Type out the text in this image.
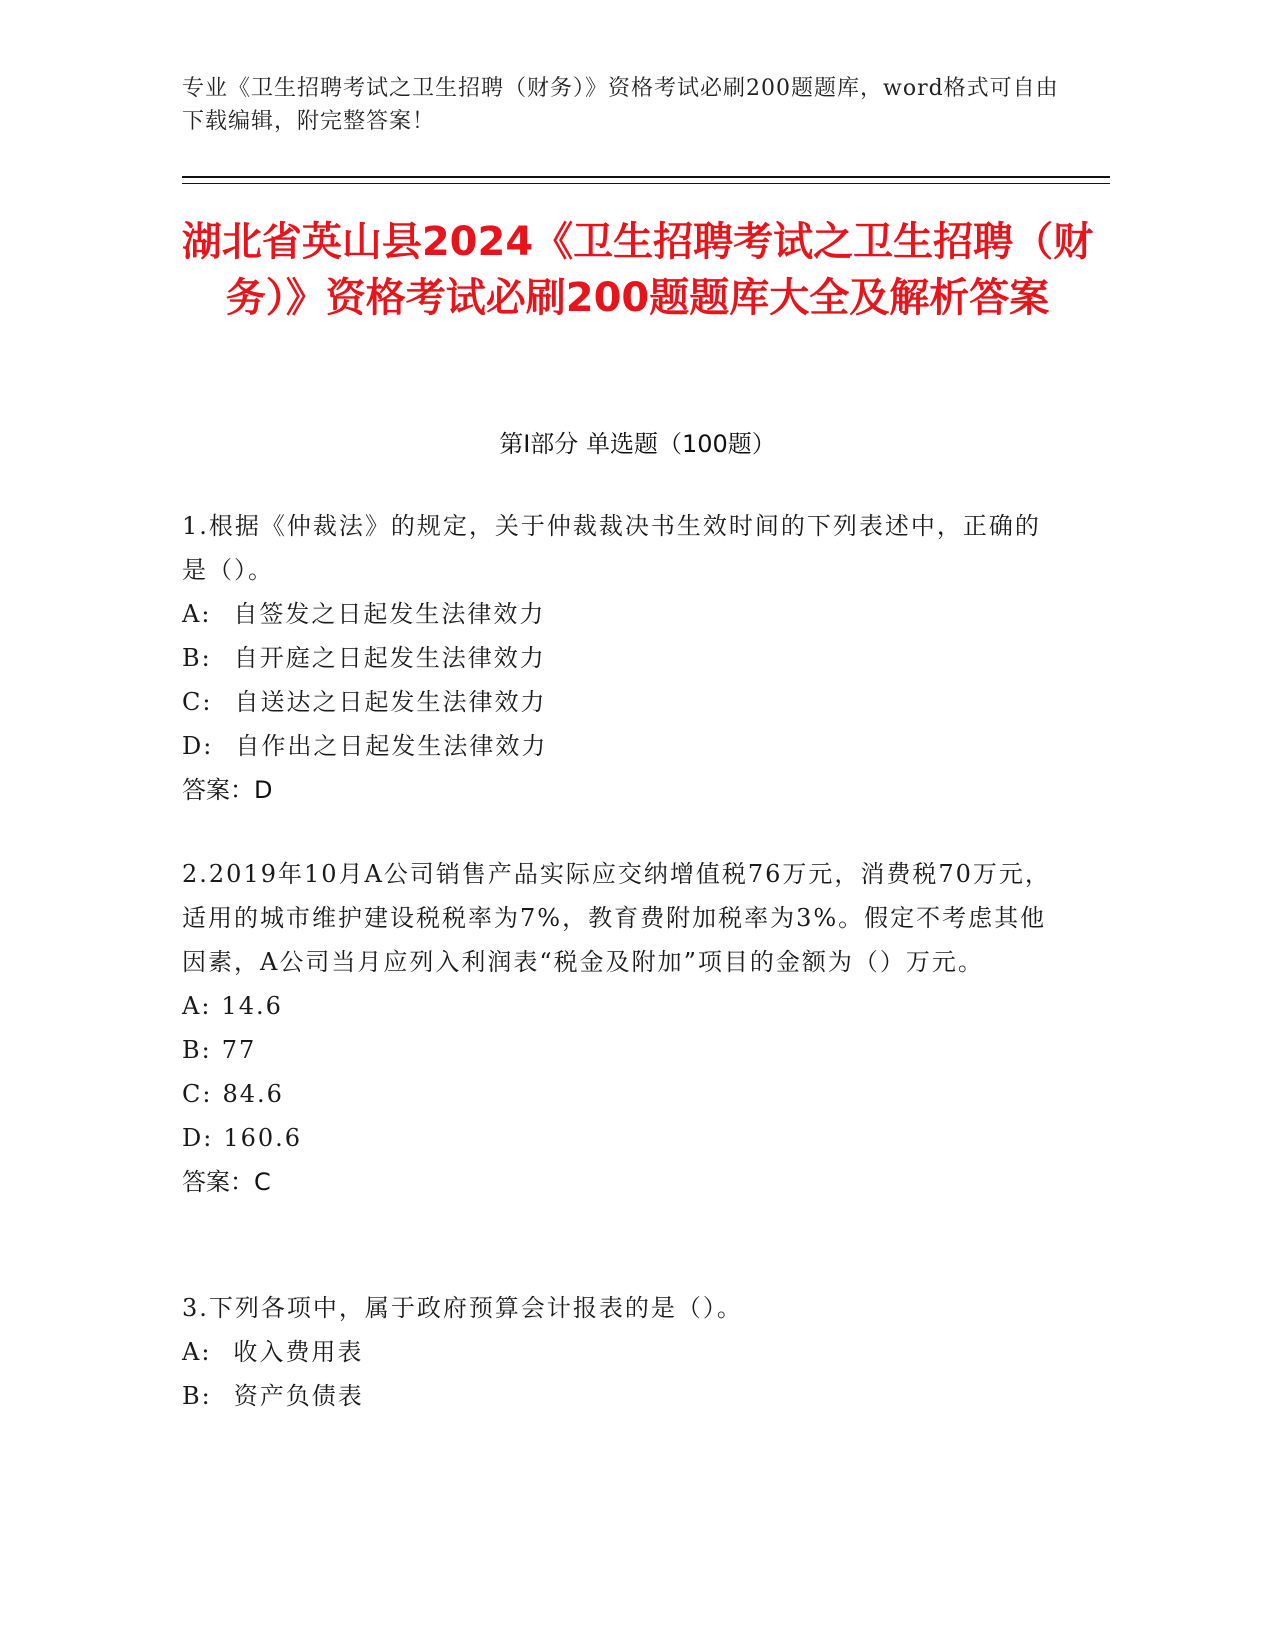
专业《卫生招聘考试之卫生招聘（财务）》资格考试必刷200题题库，word格式可自由下载编辑，附完整答案！
湖北省英山县2024《卫生招聘考试之卫生招聘（财务）》资格考试必刷200题题库大全及解析答案
第Ⅰ部分 单选题（100题）
1.根据《仲裁法》的规定，关于仲裁裁决书生效时间的下列表述中，正确的是（）。
A: 自签发之日起发生法律效力
B: 自开庭之日起发生法律效力
C: 自送达之日起发生法律效力
D: 自作出之日起发生法律效力
答案：D
2.2019年10月A公司销售产品实际应交纳增值税76万元，消费税70万元，适用的城市维护建设税税率为7%，教育费附加税率为3%。假定不考虑其他因素，A公司当月应列入利润表“税金及附加”项目的金额为（）万元。
A: 14.6
B: 77
C: 84.6
D: 160.6
答案：C
3.下列各项中，属于政府预算会计报表的是（）。
A: 收入费用表
B: 资产负债表
